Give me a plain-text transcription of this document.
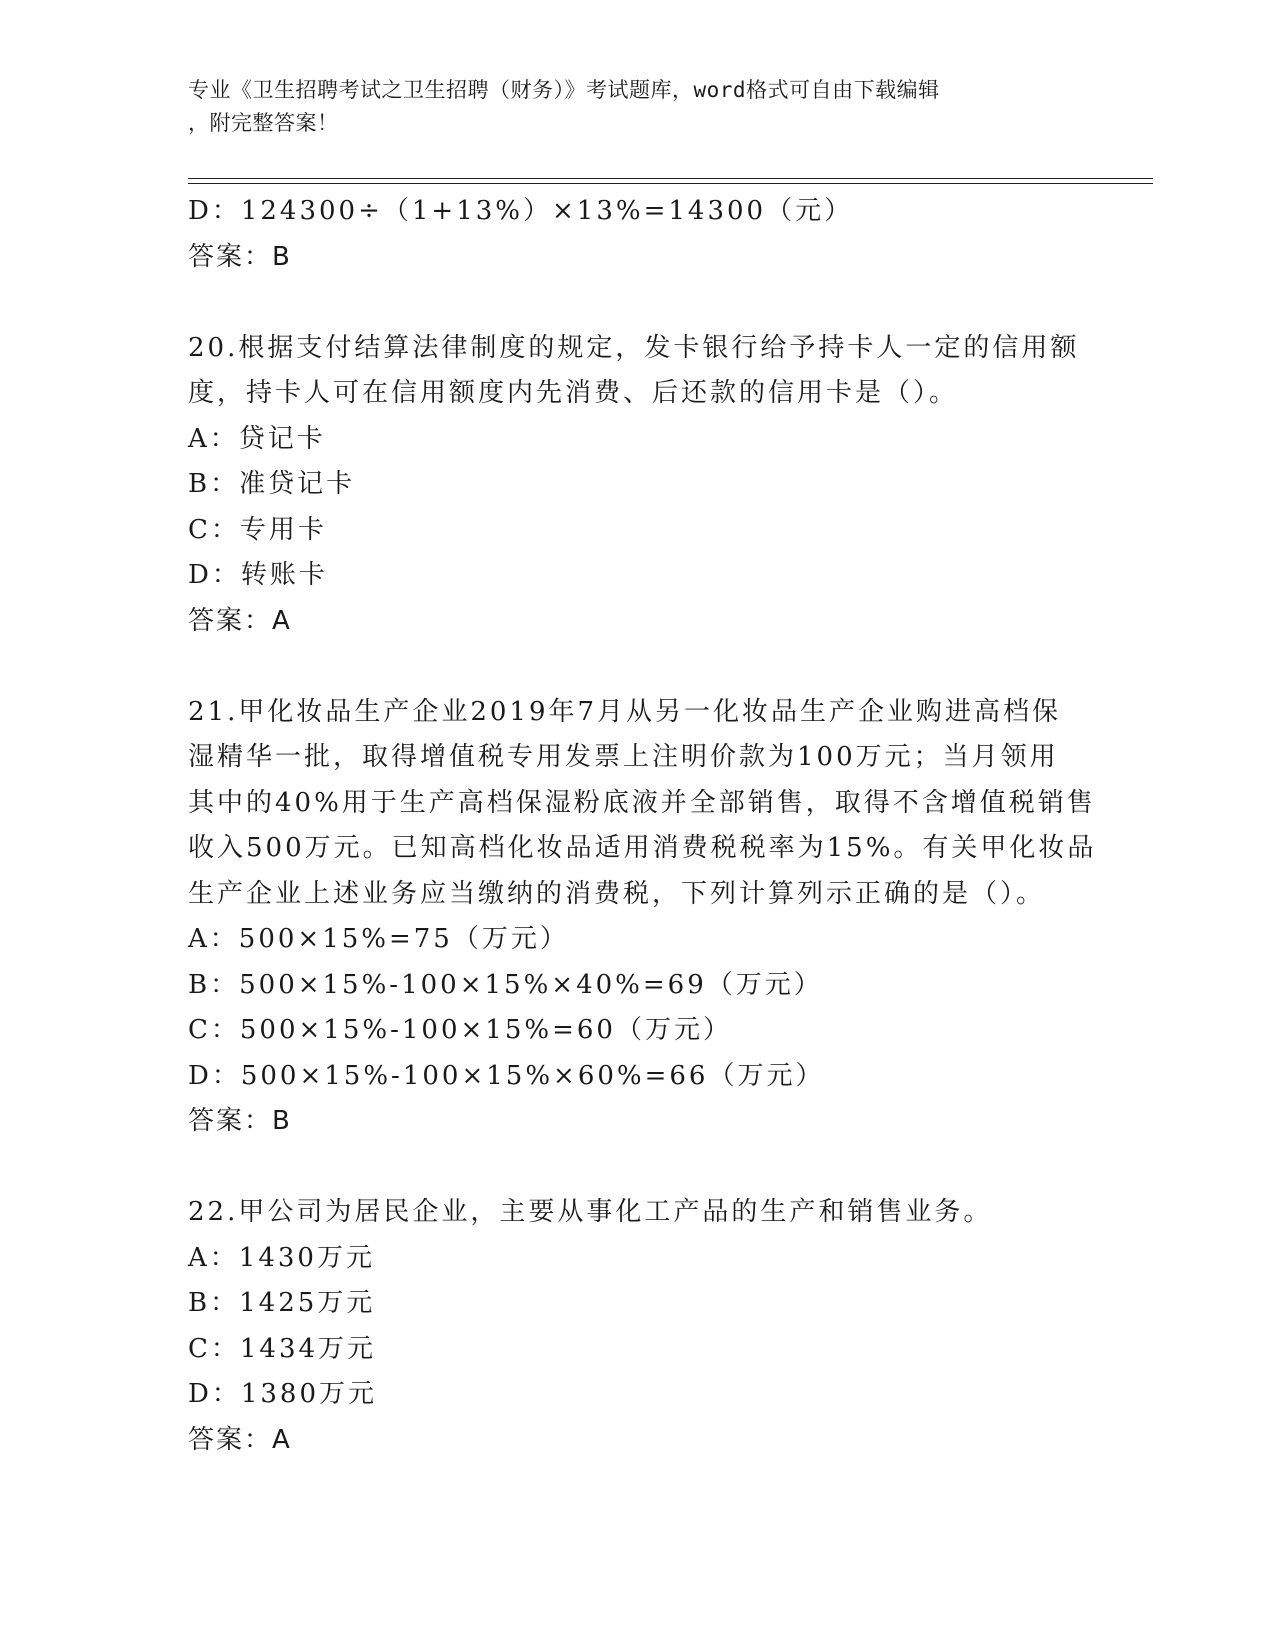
专业《卫生招聘考试之卫生招聘（财务）》考试题库，word格式可自由下载编辑
，附完整答案！
D：124300÷（1+13%）×13%=14300（元）
答案：B
20.根据支付结算法律制度的规定，发卡银行给予持卡人一定的信用额
度，持卡人可在信用额度内先消费、后还款的信用卡是（）。
A：贷记卡
B：准贷记卡
C：专用卡
D：转账卡
答案：A
21.甲化妆品生产企业2019年7月从另一化妆品生产企业购进高档保
湿精华一批，取得增值税专用发票上注明价款为100万元；当月领用
其中的40%用于生产高档保湿粉底液并全部销售，取得不含增值税销售
收入500万元。已知高档化妆品适用消费税税率为15%。有关甲化妆品
生产企业上述业务应当缴纳的消费税，下列计算列示正确的是（）。
A：500×15%=75（万元）
B：500×15%-100×15%×40%=69（万元）
C：500×15%-100×15%=60（万元）
D：500×15%-100×15%×60%=66（万元）
答案：B
22.甲公司为居民企业，主要从事化工产品的生产和销售业务。
A：1430万元
B：1425万元
C：1434万元
D：1380万元
答案：A
